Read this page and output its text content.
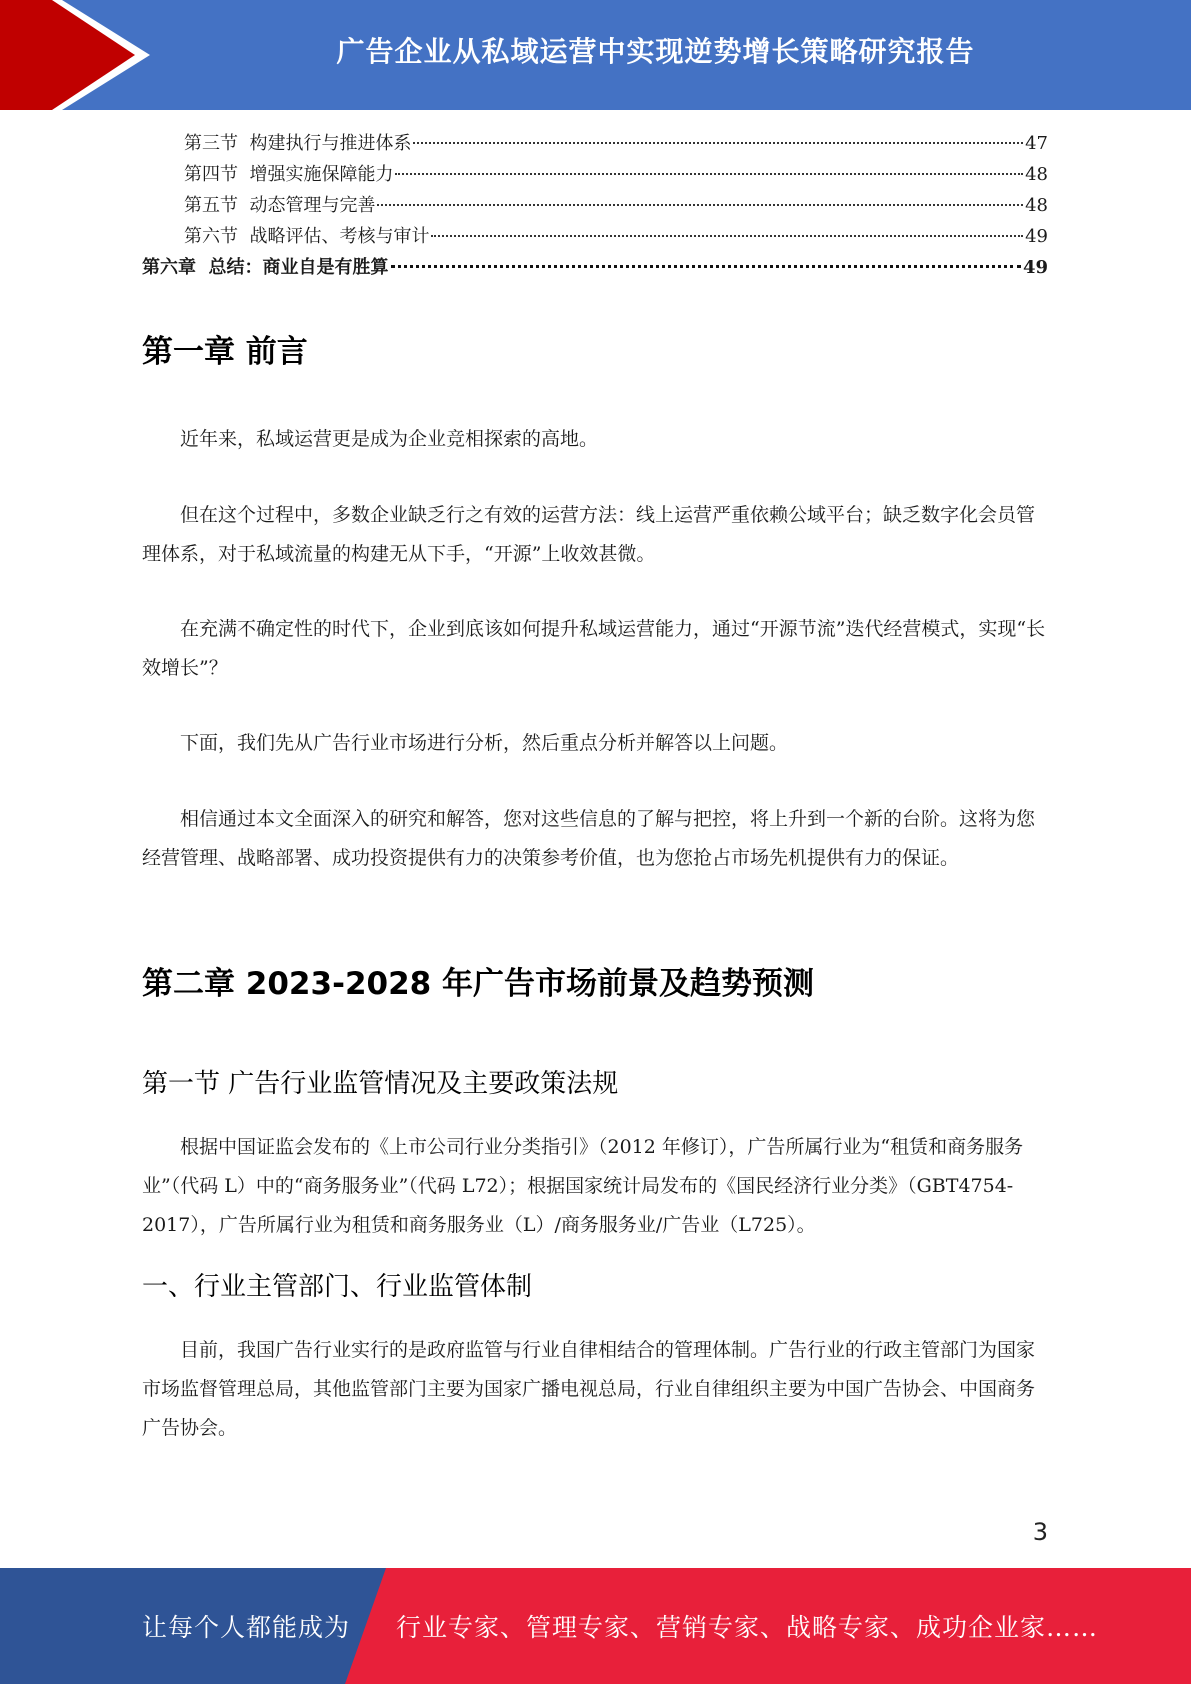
广告企业从私域运营中实现逆势增长策略研究报告
第三节  构建执行与推进体系	47
第四节  增强实施保障能力	48
第五节  动态管理与完善	48
第六节  战略评估、考核与审计	49
第六章  总结：商业自是有胜算	49
第一章 前言

近年来，私域运营更是成为企业竞相探索的高地。

但在这个过程中，多数企业缺乏行之有效的运营方法：线上运营严重依赖公域平台；缺乏数字化会员管理体系，对于私域流量的构建无从下手，“开源”上收效甚微。

在充满不确定性的时代下，企业到底该如何提升私域运营能力，通过“开源节流”迭代经营模式，实现“长效增长”？

下面，我们先从广告行业市场进行分析，然后重点分析并解答以上问题。

相信通过本文全面深入的研究和解答，您对这些信息的了解与把控，将上升到一个新的台阶。这将为您经营管理、战略部署、成功投资提供有力的决策参考价值，也为您抢占市场先机提供有力的保证。

第二章 2023-2028 年广告市场前景及趋势预测
第一节 广告行业监管情况及主要政策法规

根据中国证监会发布的《上市公司行业分类指引》（2012 年修订），广告所属行业为“租赁和商务服务业”（代码 L）中的“商务服务业”（代码 L72）；根据国家统计局发布的《国民经济行业分类》（GBT4754-2017），广告所属行业为租赁和商务服务业（L）/商务服务业/广告业（L725）。

一、行业主管部门、行业监管体制

目前，我国广告行业实行的是政府监管与行业自律相结合的管理体制。广告行业的行政主管部门为国家市场监督管理总局，其他监管部门主要为国家广播电视总局，行业自律组织主要为中国广告协会、中国商务广告协会。

3
让每个人都能成为 行业专家、管理专家、营销专家、战略专家、成功企业家……
